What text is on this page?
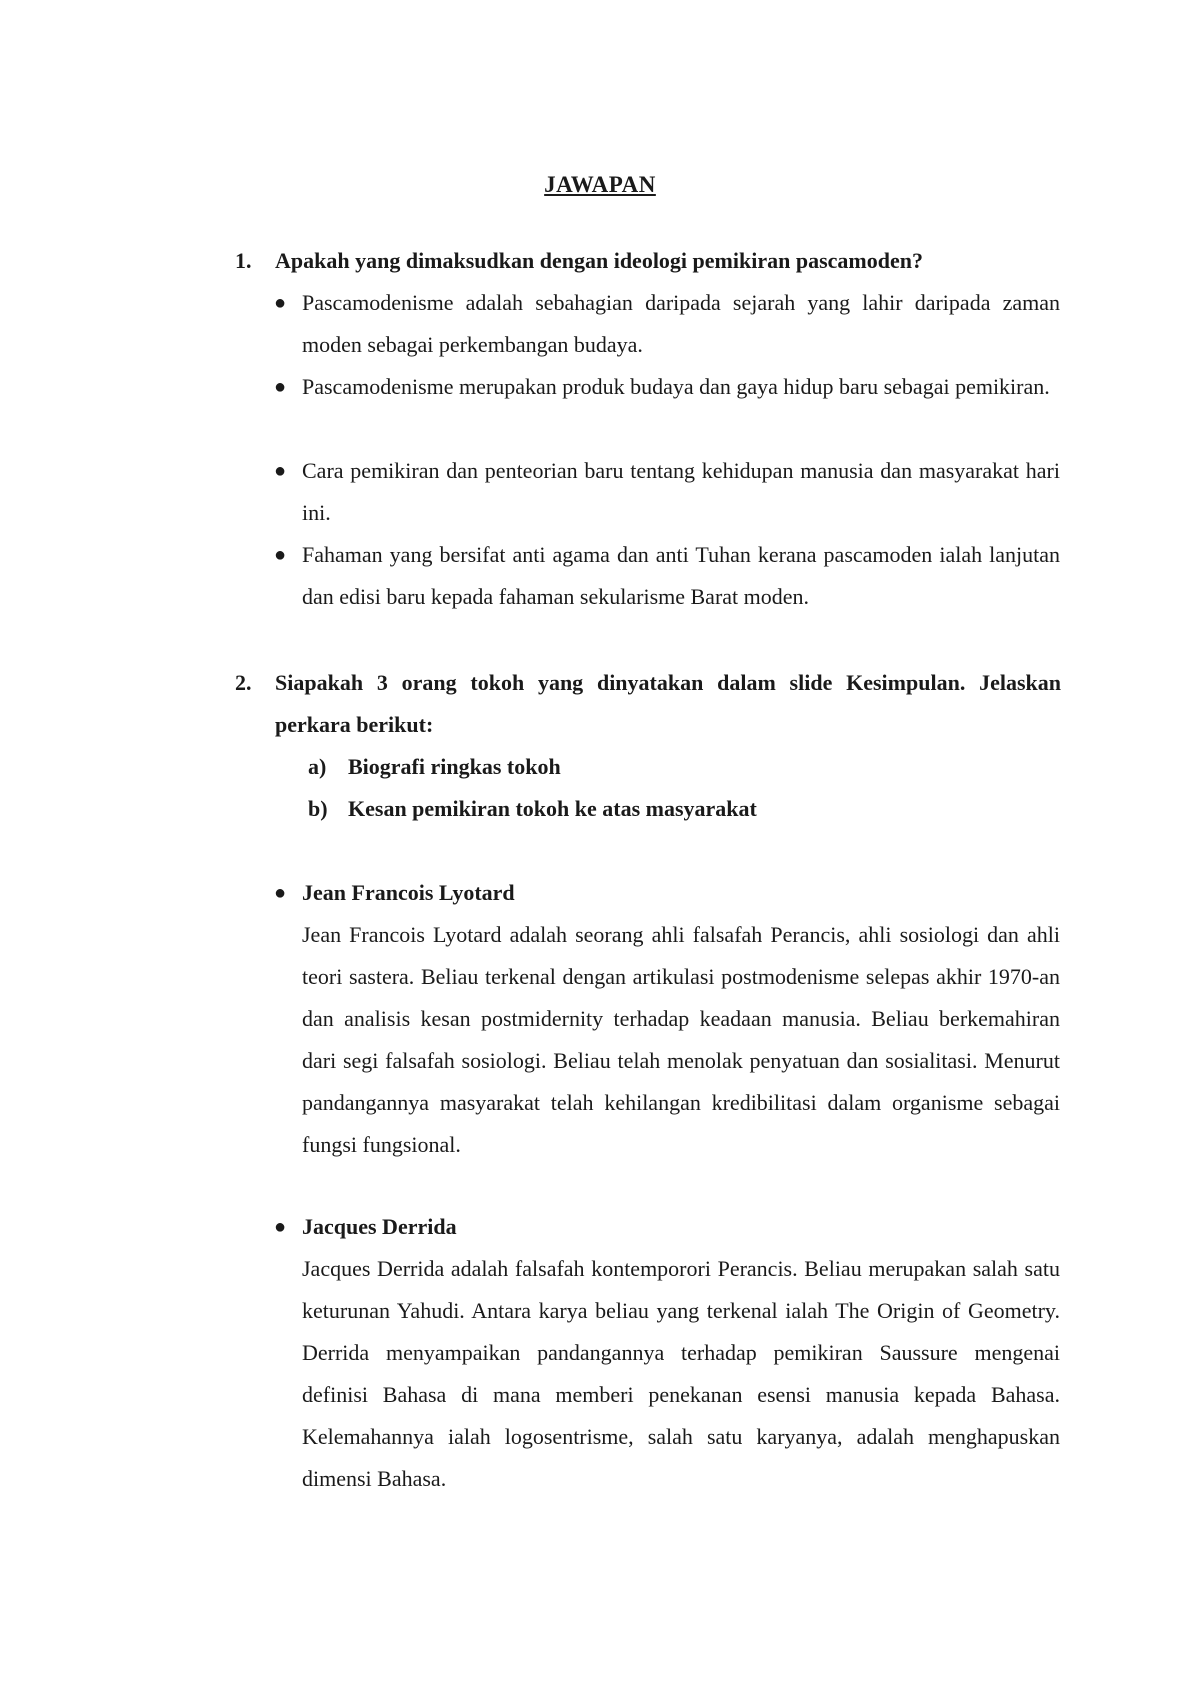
JAWAPAN
1.	Apakah yang dimaksudkan dengan ideologi pemikiran pascamoden?
● Pascamodenisme adalah sebahagian daripada sejarah yang lahir daripada zaman moden sebagai perkembangan budaya.
● Pascamodenisme merupakan produk budaya dan gaya hidup baru sebagai pemikiran.
● Cara pemikiran dan penteorian baru tentang kehidupan manusia dan masyarakat hari ini.
● Fahaman yang bersifat anti agama dan anti Tuhan kerana pascamoden ialah lanjutan dan edisi baru kepada fahaman sekularisme Barat moden.
2.	Siapakah 3 orang tokoh yang dinyatakan dalam slide Kesimpulan. Jelaskan
perkara berikut:
a) Biografi ringkas tokoh
b) Kesan pemikiran tokoh ke atas masyarakat
● Jean Francois Lyotard
Jean Francois Lyotard adalah seorang ahli falsafah Perancis, ahli sosiologi dan ahli teori sastera. Beliau terkenal dengan artikulasi postmodenisme selepas akhir 1970-an dan analisis kesan postmidernity terhadap keadaan manusia. Beliau berkemahiran dari segi falsafah sosiologi. Beliau telah menolak penyatuan dan sosialitasi. Menurut pandangannya masyarakat telah kehilangan kredibilitasi dalam organisme sebagai fungsi fungsional.
● Jacques Derrida
Jacques Derrida adalah falsafah kontemporori Perancis. Beliau merupakan salah satu keturunan Yahudi. Antara karya beliau yang terkenal ialah The Origin of Geometry. Derrida menyampaikan pandangannya terhadap pemikiran Saussure mengenai definisi Bahasa di mana memberi penekanan esensi manusia kepada Bahasa. Kelemahannya ialah logosentrisme, salah satu karyanya, adalah menghapuskan dimensi Bahasa.
